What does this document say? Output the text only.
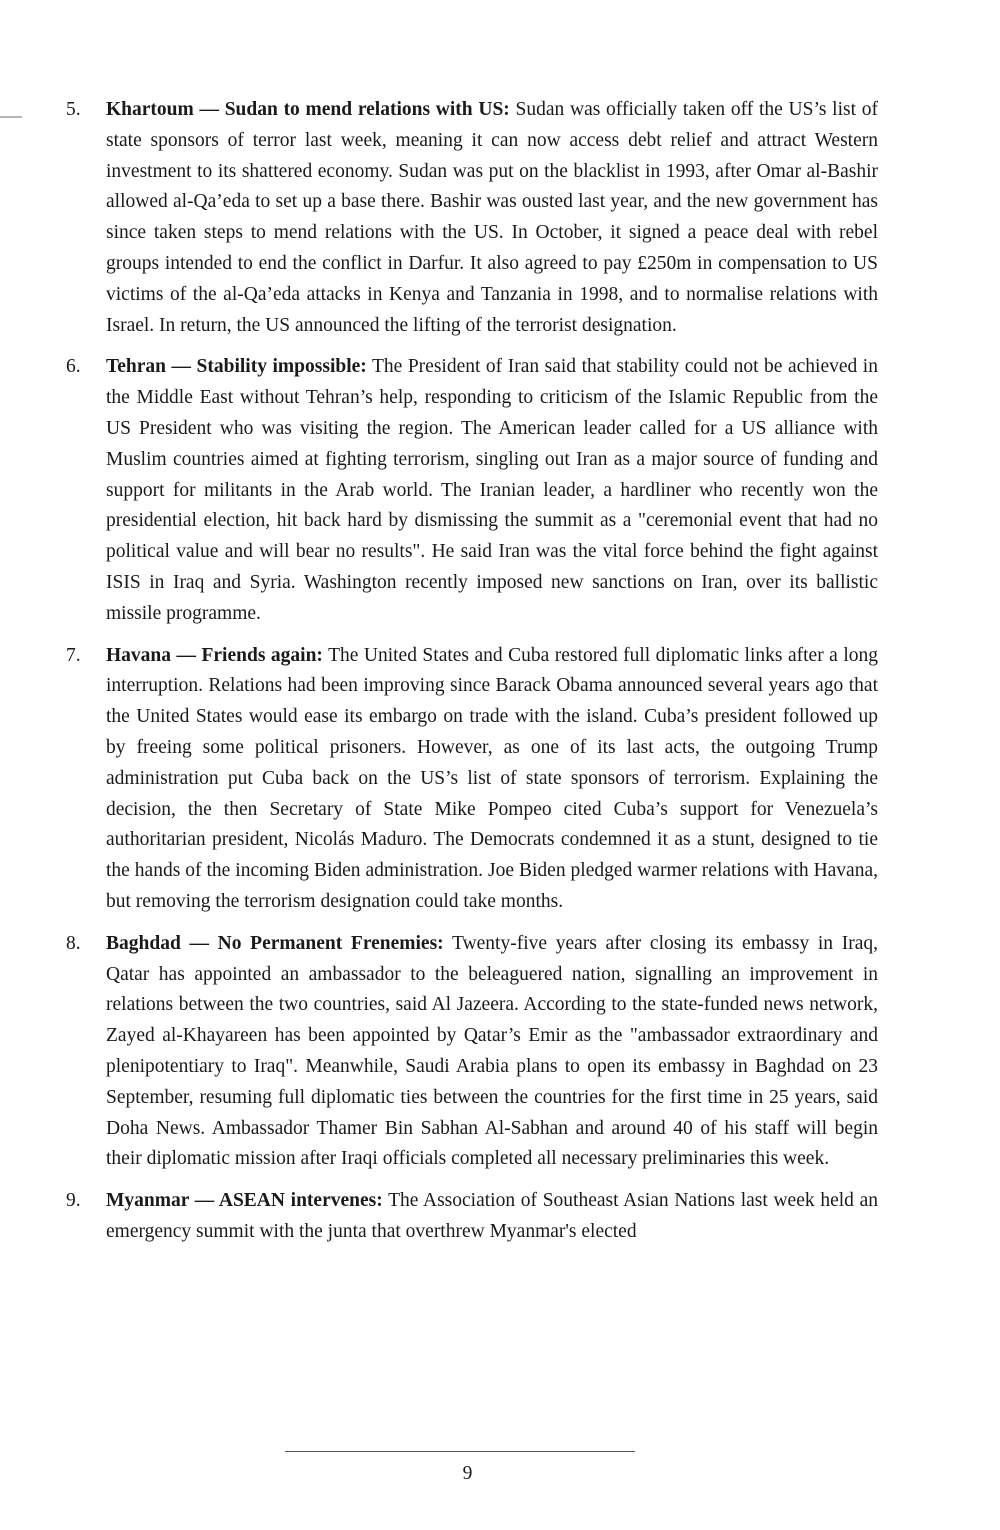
5.	Khartoum — Sudan to mend relations with US: Sudan was officially taken off the US’s list of state sponsors of terror last week, meaning it can now access debt relief and attract Western investment to its shattered economy. Sudan was put on the blacklist in 1993, after Omar al-Bashir allowed al-Qa’eda to set up a base there. Bashir was ousted last year, and the new government has since taken steps to mend relations with the US. In October, it signed a peace deal with rebel groups intended to end the conflict in Darfur. It also agreed to pay £250m in compensation to US victims of the al-Qa’eda attacks in Kenya and Tanzania in 1998, and to normalise relations with Israel. In return, the US announced the lifting of the terrorist designation.

6.	Tehran — Stability impossible: The President of Iran said that stability could not be achieved in the Middle East without Tehran’s help, responding to criticism of the Islamic Republic from the US President who was visiting the region. The American leader called for a US alliance with Muslim countries aimed at fighting terrorism, singling out Iran as a major source of funding and support for militants in the Arab world. The Iranian leader, a hardliner who recently won the presidential election, hit back hard by dismissing the summit as a "ceremonial event that had no political value and will bear no results". He said Iran was the vital force behind the fight against ISIS in Iraq and Syria. Washington recently imposed new sanctions on Iran, over its ballistic missile programme.

7.	Havana — Friends again: The United States and Cuba restored full diplomatic links after a long interruption. Relations had been improving since Barack Obama announced several years ago that the United States would ease its embargo on trade with the island. Cuba’s president followed up by freeing some political prisoners. However, as one of its last acts, the outgoing Trump administration put Cuba back on the US’s list of state sponsors of terrorism. Explaining the decision, the then Secretary of State Mike Pompeo cited Cuba’s support for Venezuela’s authoritarian president, Nicolás Maduro. The Democrats condemned it as a stunt, designed to tie the hands of the incoming Biden administration. Joe Biden pledged warmer relations with Havana, but removing the terrorism designation could take months.

8.	Baghdad — No Permanent Frenemies: Twenty-five years after closing its embassy in Iraq, Qatar has appointed an ambassador to the beleaguered nation, signalling an improvement in relations between the two countries, said Al Jazeera. According to the state-funded news network, Zayed al-Khayareen has been appointed by Qatar’s Emir as the "ambassador extraordinary and plenipotentiary to Iraq". Meanwhile, Saudi Arabia plans to open its embassy in Baghdad on 23 September, resuming full diplomatic ties between the countries for the first time in 25 years, said Doha News. Ambassador Thamer Bin Sabhan Al-Sabhan and around 40 of his staff will begin their diplomatic mission after Iraqi officials completed all necessary preliminaries this week.

9.	Myanmar — ASEAN intervenes: The Association of Southeast Asian Nations last week held an emergency summit with the junta that overthrew Myanmar's elected

9
